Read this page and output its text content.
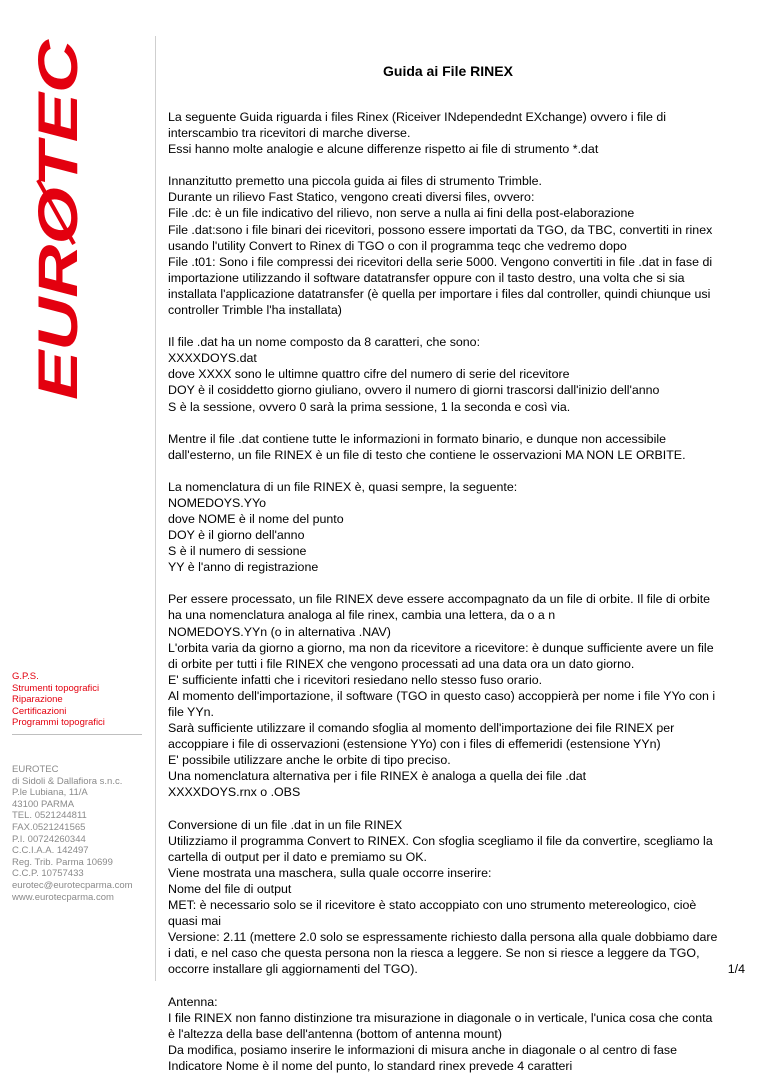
EUROTEC
G.P.S.
Strumenti topografici
Riparazione
Certificazioni
Programmi topografici
EUROTEC
di Sidoli & Dallafiora s.n.c.
P.le Lubiana, 11/A
43100 PARMA
TEL. 0521244811
FAX.0521241565
P.I. 00724260344
C.C.I.A.A. 142497
Reg. Trib. Parma 10699
C.C.P. 10757433
eurotec@eurotecparma.com
www.eurotecparma.com
Guida ai File RINEX

La seguente Guida riguarda i files Rinex (Riceiver INdependednt EXchange) ovvero i file di
interscambio tra ricevitori di marche diverse.
Essi hanno molte analogie e alcune differenze rispetto ai file di strumento *.dat

Innanzitutto premetto una piccola guida ai files di strumento Trimble.
Durante un rilievo Fast Statico, vengono creati diversi files, ovvero:
File .dc: è un file indicativo del rilievo, non serve a nulla ai fini della post-elaborazione
File .dat:sono i file binari dei ricevitori, possono essere importati da TGO, da TBC, convertiti in rinex
usando l'utility Convert to Rinex di TGO o con il programma teqc che vedremo dopo
File .t01: Sono i file compressi dei ricevitori della serie 5000. Vengono convertiti in file .dat in fase di
importazione utilizzando il software datatransfer oppure con il tasto destro, una volta che si sia
installata l'applicazione datatransfer (è quella per importare i files dal controller, quindi chiunque usi
controller Trimble l'ha installata)

Il file .dat ha un nome composto da 8 caratteri, che sono:
XXXXDOYS.dat
dove XXXX sono le ultimne quattro cifre del numero di serie del ricevitore
DOY è il cosiddetto giorno giuliano, ovvero il numero di giorni trascorsi dall'inizio dell'anno
S è la sessione, ovvero 0 sarà la prima sessione, 1 la seconda e così via.

Mentre il file .dat contiene tutte le informazioni in formato binario, e dunque non accessibile
dall'esterno, un file RINEX è un file di testo che contiene le osservazioni MA NON LE ORBITE.

La nomenclatura di un file RINEX è, quasi sempre, la seguente:
NOMEDOYS.YYo
dove NOME è il nome del punto
DOY è il giorno dell'anno
S è il numero di sessione
YY è l'anno di registrazione

Per essere processato, un file RINEX deve essere accompagnato da un file di orbite. Il file di orbite
ha una nomenclatura analoga al file rinex, cambia una lettera, da o a n
NOMEDOYS.YYn (o in alternativa .NAV)
L'orbita varia da giorno a giorno, ma non da ricevitore a ricevitore: è dunque sufficiente avere un file
di orbite per tutti i file RINEX che vengono processati ad una data ora un dato giorno.
E' sufficiente infatti che i ricevitori resiedano nello stesso fuso orario.
Al momento dell'importazione, il software (TGO in questo caso) accoppierà per nome i file YYo con i
file YYn.
Sarà sufficiente utilizzare il comando sfoglia al momento dell'importazione dei file RINEX per
accoppiare i file di osservazioni (estensione YYo) con i files di effemeridi (estensione YYn)
E' possibile utilizzare anche le orbite di tipo preciso.
Una nomenclatura alternativa per i file RINEX è analoga a quella dei file .dat
XXXXDOYS.rnx o .OBS

Conversione di un file .dat in un file RINEX
Utilizziamo il programma Convert to RINEX. Con sfoglia scegliamo il file da convertire, scegliamo la
cartella di output per il dato e premiamo su OK.
Viene mostrata una maschera, sulla quale occorre inserire:
Nome del file di output
MET: è necessario solo se il ricevitore è stato accoppiato con uno strumento metereologico, cioè
quasi mai
Versione: 2.11 (mettere 2.0 solo se espressamente richiesto dalla persona alla quale dobbiamo dare
i dati, e nel caso che questa persona non la riesca a leggere. Se non si riesce a leggere da TGO,
occorre installare gli aggiornamenti del TGO).

Antenna:
I file RINEX non fanno distinzione tra misurazione in diagonale o in verticale, l'unica cosa che conta
è l'altezza della base dell'antenna (bottom of antenna mount)
Da modifica, posiamo inserire le informazioni di misura anche in diagonale o al centro di fase
Indicatore Nome è il nome del punto, lo standard rinex prevede 4 caratteri

1/4
